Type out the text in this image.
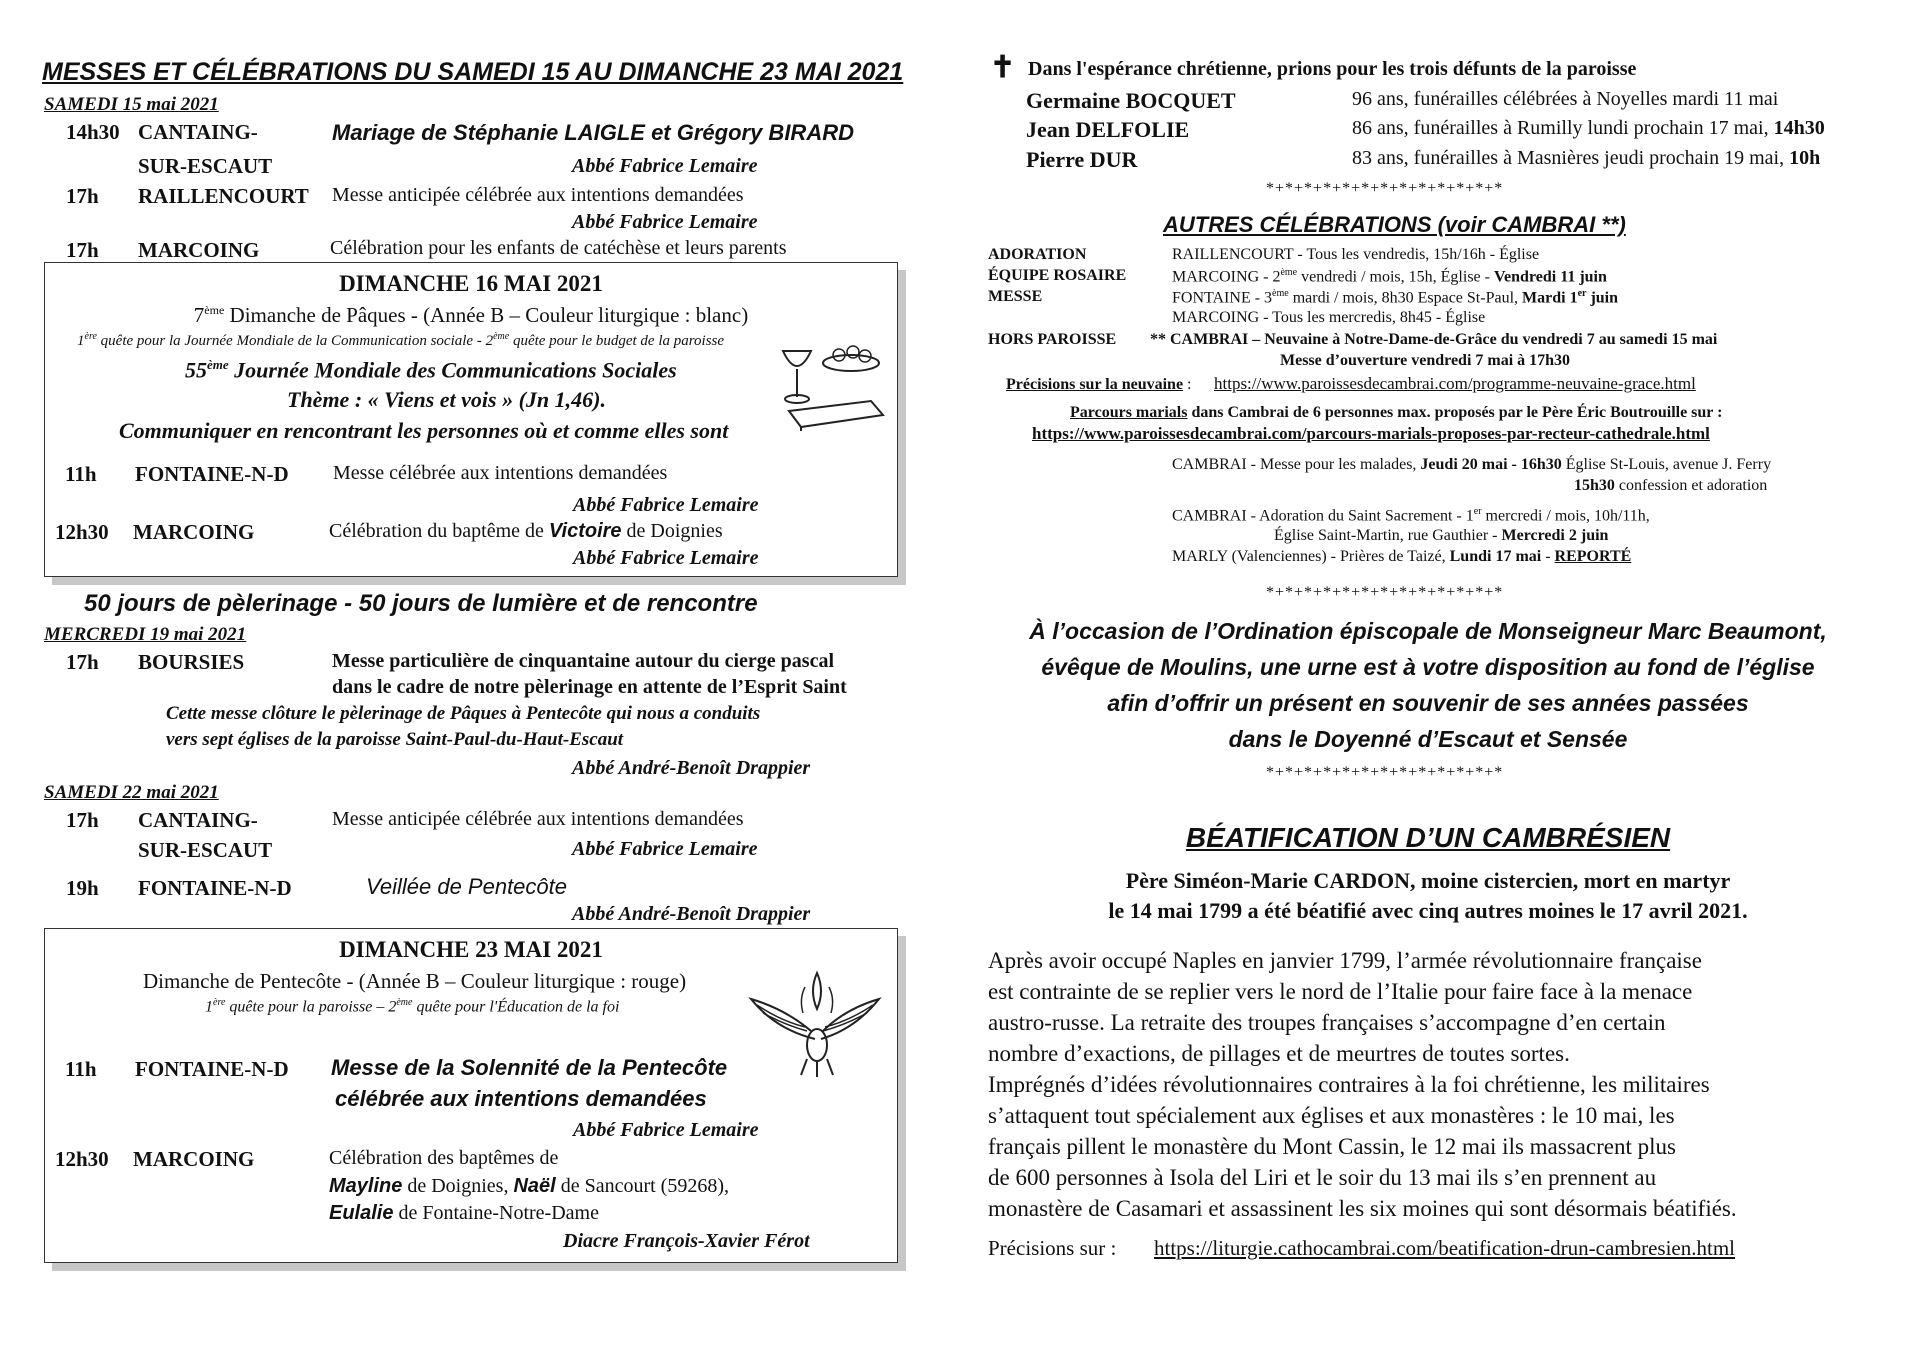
MESSES ET CÉLÉBRATIONS DU SAMEDI 15 AU DIMANCHE 23 MAI 2021
SAMEDI 15 mai 2021
14h30 CANTAING-
SUR-ESCAUT
Mariage de Stéphanie LAIGLE et Grégory BIRARD
Abbé Fabrice Lemaire
17h RAILLENCOURT Messe anticipée célébrée aux intentions demandées
Abbé Fabrice Lemaire
17h MARCOING	Célébration pour les enfants de catéchèse et leurs parents
DIMANCHE 16 MAI 2021
7ème Dimanche de Pâques - (Année B – Couleur liturgique : blanc)
1ère quête pour la Journée Mondiale de la Communication sociale - 2ème quête pour le budget de la paroisse
55ème Journée Mondiale des Communications Sociales
Thème : « Viens et vois » (Jn 1,46).
Communiquer en rencontrant les personnes où et comme elles sont
11h FONTAINE-N-D Messe célébrée aux intentions demandées
Abbé Fabrice Lemaire
12h30 MARCOING	Célébration du baptême de Victoire de Doignies
Abbé Fabrice Lemaire
50 jours de pèlerinage - 50 jours de lumière et de rencontre
MERCREDI 19 mai 2021
17h BOURSIES	Messe particulière de cinquantaine autour du cierge pascal
dans le cadre de notre pèlerinage en attente de l’Esprit Saint
Cette messe clôture le pèlerinage de Pâques à Pentecôte qui nous a conduits
vers sept églises de la paroisse Saint-Paul-du-Haut-Escaut
Abbé André-Benoît Drappier
SAMEDI 22 mai 2021
17h CANTAING-
SUR-ESCAUT
Messe anticipée célébrée aux intentions demandées
Abbé Fabrice Lemaire
19h FONTAINE-N-D	Veillée de Pentecôte
Abbé André-Benoît Drappier
DIMANCHE 23 MAI 2021
Dimanche de Pentecôte - (Année B – Couleur liturgique : rouge)
1ère quête pour la paroisse – 2ème quête pour l'Éducation de la foi
11h FONTAINE-N-D Messe de la Solennité de la Pentecôte
célébrée aux intentions demandées
Abbé Fabrice Lemaire
12h30 MARCOING	Célébration des baptêmes de
Mayline de Doignies, Naël de Sancourt (59268),
Eulalie de Fontaine-Notre-Dame
Diacre François-Xavier Férot
✝ Dans l'espérance chrétienne, prions pour les trois défunts de la paroisse
Germaine BOCQUET	96 ans, funérailles célébrées à Noyelles mardi 11 mai
Jean DELFOLIE	86 ans, funérailles à Rumilly lundi prochain 17 mai, 14h30
Pierre DUR	83 ans, funérailles à Masnières jeudi prochain 19 mai, 10h
*+*+*+*+*+*+*+*+*+*+*+*+*
AUTRES CÉLÉBRATIONS (voir CAMBRAI **)
ADORATION	RAILLENCOURT - Tous les vendredis, 15h/16h - Église
ÉQUIPE ROSAIRE	MARCOING - 2ème vendredi / mois, 15h, Église - Vendredi 11 juin
MESSE	FONTAINE - 3ème mardi / mois, 8h30 Espace St-Paul, Mardi 1er juin
MARCOING - Tous les mercredis, 8h45 - Église
HORS PAROISSE ** CAMBRAI – Neuvaine à Notre-Dame-de-Grâce du vendredi 7 au samedi 15 mai
Messe d’ouverture vendredi 7 mai à 17h30
Précisions sur la neuvaine : https://www.paroissesdecambrai.com/programme-neuvaine-grace.html
Parcours marials dans Cambrai de 6 personnes max. proposés par le Père Éric Boutrouille sur :
https://www.paroissesdecambrai.com/parcours-marials-proposes-par-recteur-cathedrale.html
CAMBRAI - Messe pour les malades, Jeudi 20 mai - 16h30 Église St-Louis, avenue J. Ferry
15h30 confession et adoration
CAMBRAI - Adoration du Saint Sacrement - 1er mercredi / mois, 10h/11h,
Église Saint-Martin, rue Gauthier - Mercredi 2 juin
MARLY (Valenciennes) - Prières de Taizé, Lundi 17 mai - REPORTÉ
*+*+*+*+*+*+*+*+*+*+*+*+*
À l’occasion de l’Ordination épiscopale de Monseigneur Marc Beaumont,
évêque de Moulins, une urne est à votre disposition au fond de l’église
afin d’offrir un présent en souvenir de ses années passées
dans le Doyenné d’Escaut et Sensée
*+*+*+*+*+*+*+*+*+*+*+*+*
BÉATIFICATION D’UN CAMBRÉSIEN
Père Siméon-Marie CARDON, moine cistercien, mort en martyr
le 14 mai 1799 a été béatifié avec cinq autres moines le 17 avril 2021.
Après avoir occupé Naples en janvier 1799, l’armée révolutionnaire française
est contrainte de se replier vers le nord de l’Italie pour faire face à la menace
austro-russe. La retraite des troupes françaises s’accompagne d’en certain
nombre d’exactions, de pillages et de meurtres de toutes sortes.
Imprégnés d’idées révolutionnaires contraires à la foi chrétienne, les militaires
s’attaquent tout spécialement aux églises et aux monastères : le 10 mai, les
français pillent le monastère du Mont Cassin, le 12 mai ils massacrent plus
de 600 personnes à Isola del Liri et le soir du 13 mai ils s’en prennent au
monastère de Casamari et assassinent les six moines qui sont désormais béatifiés.
Précisions sur : https://liturgie.cathocambrai.com/beatification-drun-cambresien.html
